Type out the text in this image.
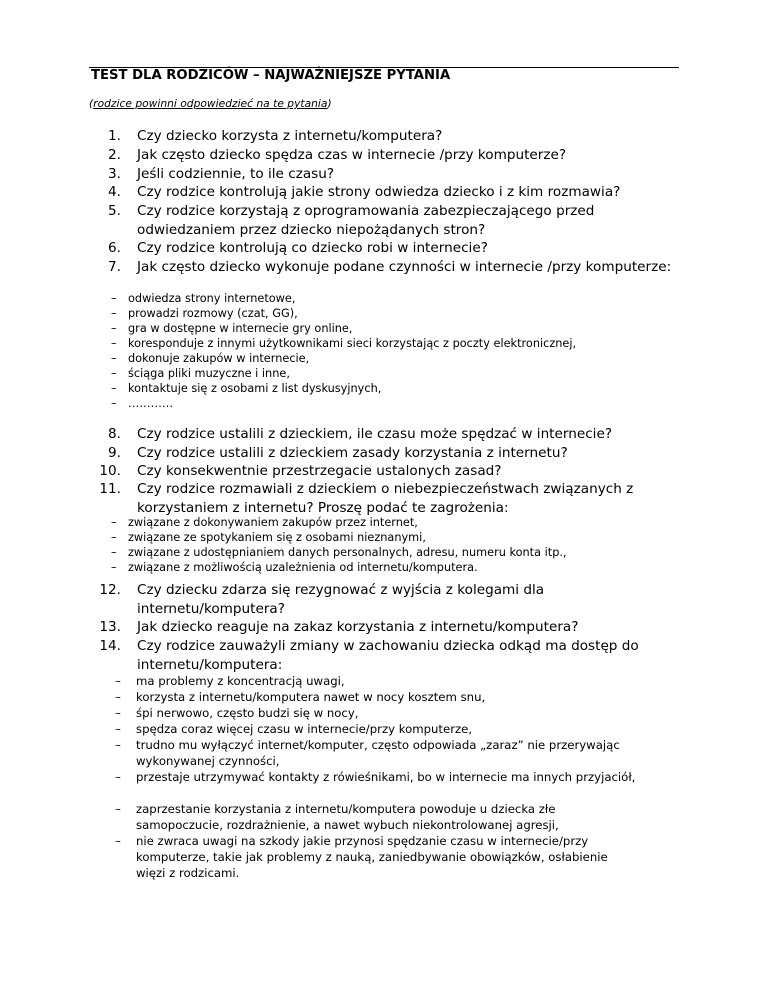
TEST DLA RODZICÓW – NAJWAŻNIEJSZE PYTANIA
(rodzice powinni odpowiedzieć na te pytania)
1. Czy dziecko korzysta z internetu/komputera?
2. Jak często dziecko spędza czas w internecie /przy komputerze?
3. Jeśli codziennie, to ile czasu?
4. Czy rodzice kontrolują jakie strony odwiedza dziecko i z kim rozmawia?
5. Czy rodzice korzystają z oprogramowania zabezpieczającego przed odwiedzaniem przez dziecko niepożądanych stron?
6. Czy rodzice kontrolują co dziecko robi w internecie?
7. Jak często dziecko wykonuje podane czynności w internecie /przy komputerze:
– odwiedza strony internetowe,
– prowadzi rozmowy (czat, GG),
– gra w dostępne w internecie gry online,
– koresponduje z innymi użytkownikami sieci korzystając z poczty elektronicznej,
– dokonuje zakupów w internecie,
– ściąga pliki muzyczne i inne,
– kontaktuje się z osobami z list dyskusyjnych,
– …………
8. Czy rodzice ustalili z dzieckiem, ile czasu może spędzać w internecie?
9. Czy rodzice ustalili z dzieckiem zasady korzystania z internetu?
10. Czy konsekwentnie przestrzegacie ustalonych zasad?
11. Czy rodzice rozmawiali z dzieckiem o niebezpieczeństwach związanych z korzystaniem z internetu? Proszę podać te zagrożenia:
– związane z dokonywaniem zakupów przez internet,
– związane ze spotykaniem się z osobami nieznanymi,
– związane z udostępnianiem danych personalnych, adresu, numeru konta itp.,
– związane z możliwością uzależnienia od internetu/komputera.
12. Czy dziecku zdarza się rezygnować z wyjścia z kolegami dla internetu/komputera?
13. Jak dziecko reaguje na zakaz korzystania z internetu/komputera?
14. Czy rodzice zauważyli zmiany w zachowaniu dziecka odkąd ma dostęp do internetu/komputera:
– ma problemy z koncentracją uwagi,
– korzysta z internetu/komputera nawet w nocy kosztem snu,
– śpi nerwowo, często budzi się w nocy,
– spędza coraz więcej czasu w internecie/przy komputerze,
– trudno mu wyłączyć internet/komputer, często odpowiada „zaraz” nie przerywając wykonywanej czynności,
– przestaje utrzymywać kontakty z rówieśnikami, bo w internecie ma innych przyjaciół,
– zaprzestanie korzystania z internetu/komputera powoduje u dziecka złe samopoczucie, rozdrażnienie, a nawet wybuch niekontrolowanej agresji,
– nie zwraca uwagi na szkody jakie przynosi spędzanie czasu w internecie/przy komputerze, takie jak problemy z nauką, zaniedbywanie obowiązków, osłabienie więzi z rodzicami.
